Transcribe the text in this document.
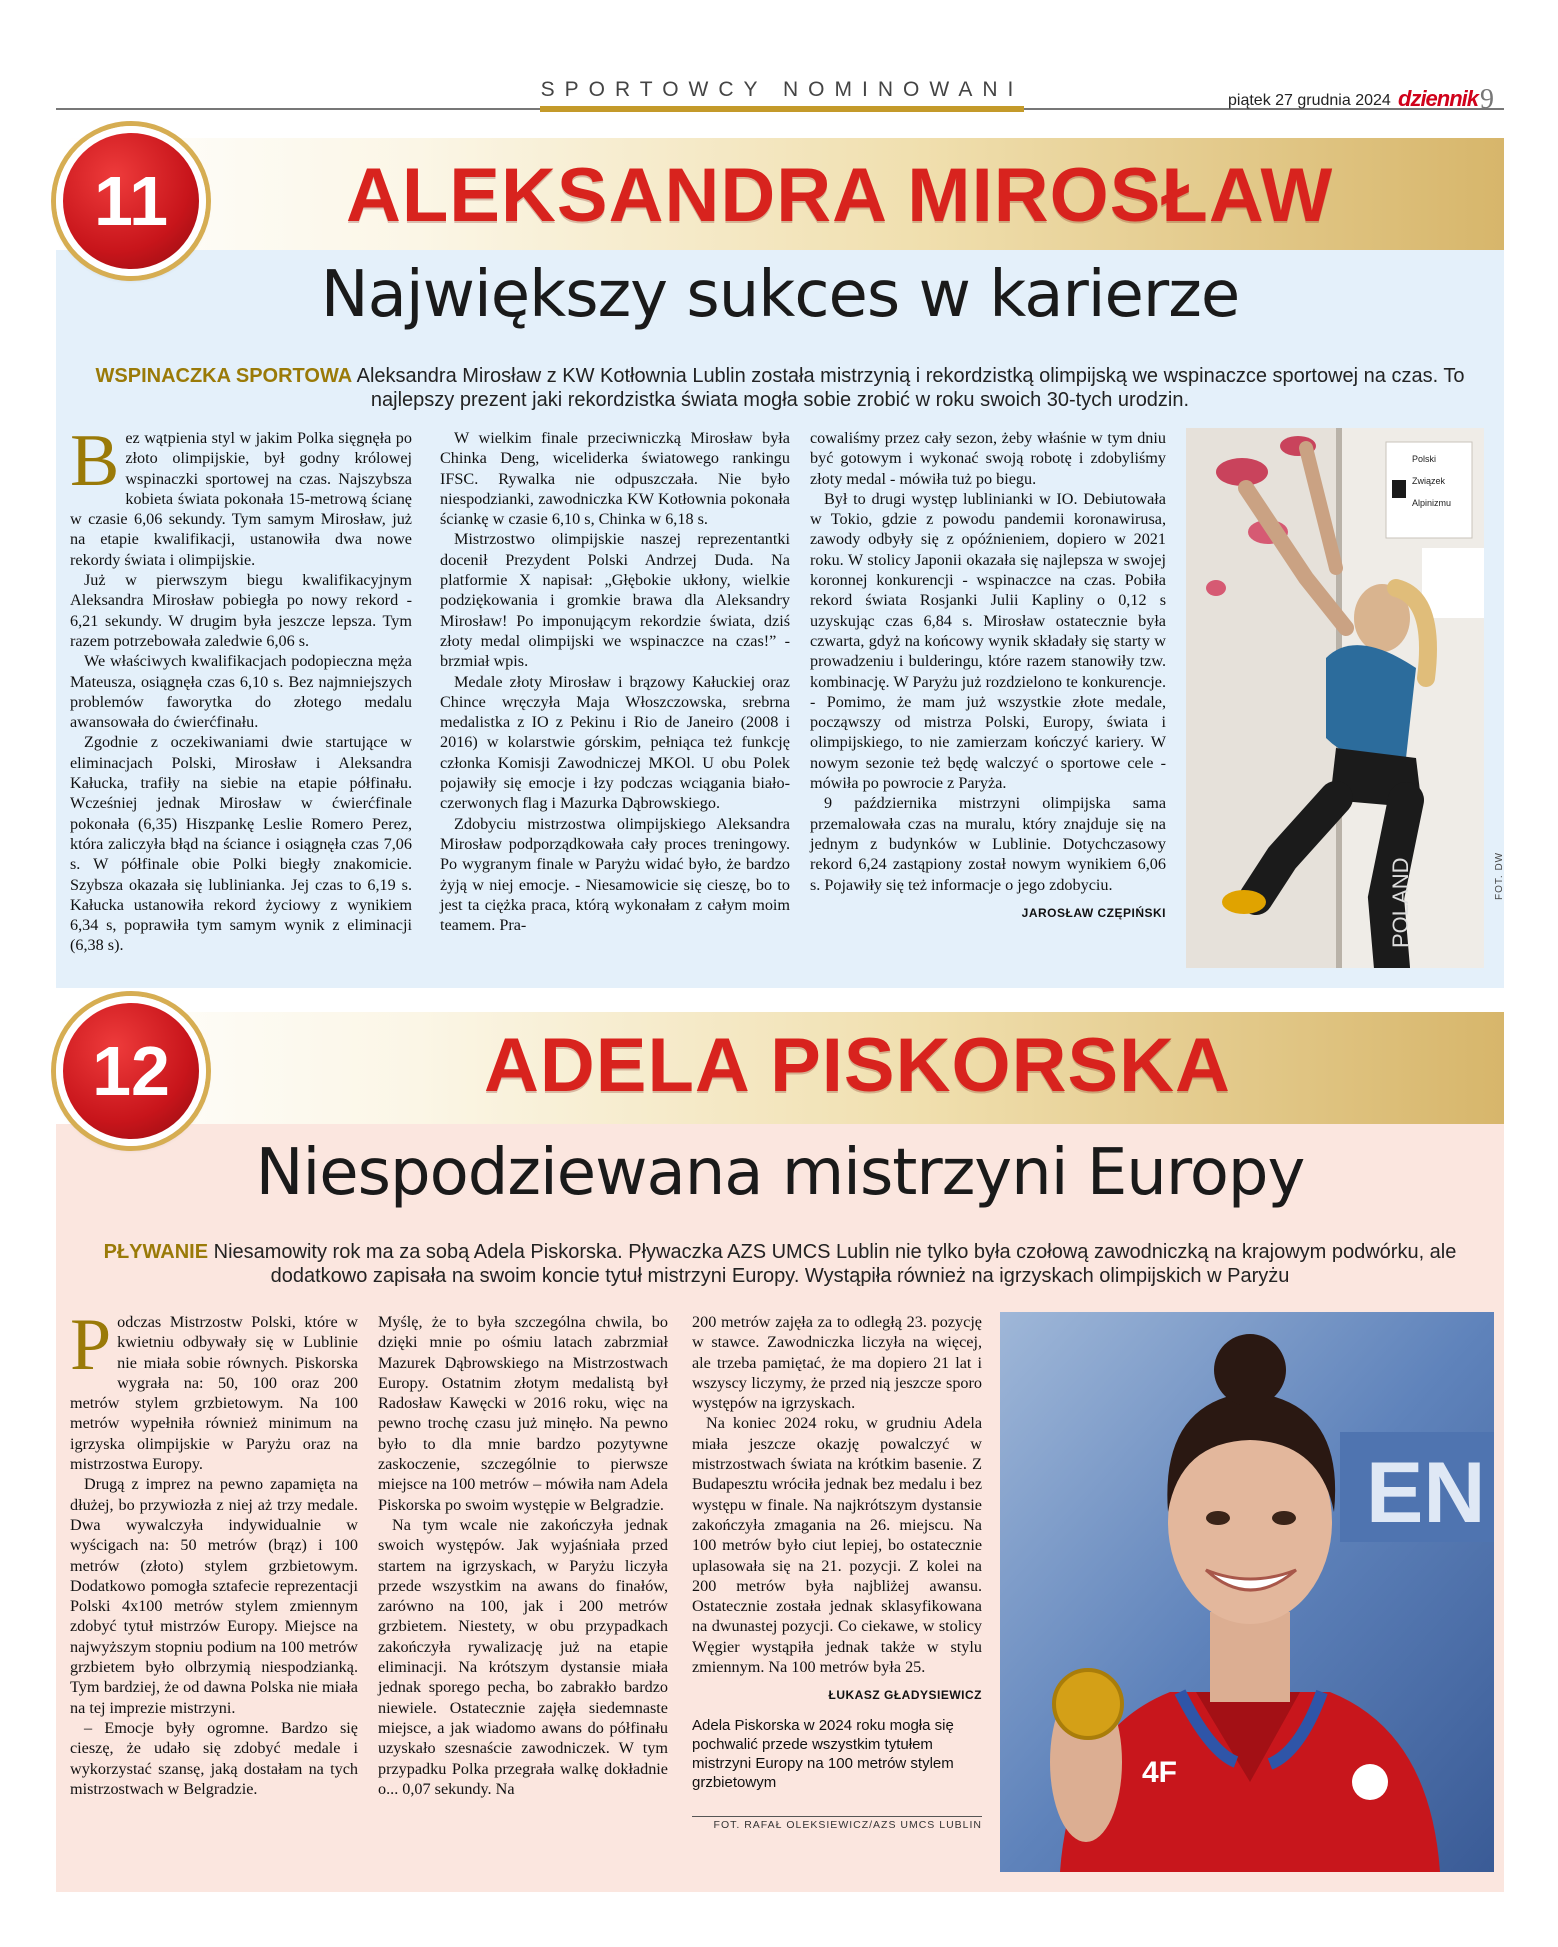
SPORTOWCY NOMINOWANI	piątek 27 grudnia 2024 dziennik 9
11	ALEKSANDRA MIROSŁAW
Największy sukces w karierze
WSPINACZKA SPORTOWA Aleksandra Mirosław z KW Kotłownia Lublin została mistrzynią i rekordzistką olimpijską we wspinaczce sportowej na czas. To najlepszy prezent jaki rekordzistka świata mogła sobie zrobić w roku swoich 30-tych urodzin.

Bez wątpienia styl w jakim Polka sięgnęła po złoto olimpijskie, był godny królowej wspinaczki sportowej na czas. Najszybsza kobieta świata pokonała 15-metrową ścianę w czasie 6,06 sekundy. Tym samym Mirosław, już na etapie kwalifikacji, ustanowiła dwa nowe rekordy świata i olimpijskie.

Już w pierwszym biegu kwalifikacyjnym Aleksandra Mirosław pobiegła po nowy rekord - 6,21 sekundy. W drugim była jeszcze lepsza. Tym razem potrzebowała zaledwie 6,06 s.

We właściwych kwalifikacjach podopieczna męża Mateusza, osiągnęła czas 6,10 s. Bez najmniejszych problemów faworytka do złotego medalu awansowała do ćwierćfinału.

Zgodnie z oczekiwaniami dwie startujące w eliminacjach Polski, Mirosław i Aleksandra Kałucka, trafiły na siebie na etapie półfinału. Wcześniej jednak Mirosław w ćwierćfinale pokonała (6,35) Hiszpankę Leslie Romero Perez, która zaliczyła błąd na ściance i osiągnęła czas 7,06 s. W półfinale obie Polki biegły znakomicie. Szybsza okazała się lublinianka. Jej czas to 6,19 s. Kałucka ustanowiła rekord życiowy z wynikiem 6,34 s, poprawiła tym samym wynik z eliminacji (6,38 s).

W wielkim finale przeciwniczką Mirosław była Chinka Deng, wiceliderka światowego rankingu IFSC. Rywalka nie odpuszczała. Nie było niespodzianki, zawodniczka KW Kotłownia pokonała ściankę w czasie 6,10 s, Chinka w 6,18 s.

Mistrzostwo olimpijskie naszej reprezentantki docenił Prezydent Polski Andrzej Duda. Na platformie X napisał: „Głębokie ukłony, wielkie podziękowania i gromkie brawa dla Aleksandry Mirosław! Po imponującym rekordzie świata, dziś złoty medal olimpijski we wspinaczce na czas!” - brzmiał wpis.

Medale złoty Mirosław i brązowy Kałuckiej oraz Chince wręczyła Maja Włoszczowska, srebrna medalistka z IO z Pekinu i Rio de Janeiro (2008 i 2016) w kolarstwie górskim, pełniąca też funkcję członka Komisji Zawodniczej MKOl. U obu Polek pojawiły się emocje i łzy podczas wciągania biało-czerwonych flag i Mazurka Dąbrowskiego.

Zdobyciu mistrzostwa olimpijskiego Aleksandra Mirosław podporządkowała cały proces treningowy. Po wygranym finale w Paryżu widać było, że bardzo żyją w niej emocje. - Niesamowicie się cieszę, bo to jest ta ciężka praca, którą wykonałam z całym moim teamem. Pra-

cowaliśmy przez cały sezon, żeby właśnie w tym dniu być gotowym i wykonać swoją robotę i zdobyliśmy złoty medal - mówiła tuż po biegu.

Był to drugi występ lublinianki w IO. Debiutowała w Tokio, gdzie z powodu pandemii koronawirusa, zawody odbyły się z opóźnieniem, dopiero w 2021 roku. W stolicy Japonii okazała się najlepsza w swojej koronnej konkurencji - wspinaczce na czas. Pobiła rekord świata Rosjanki Julii Kapliny o 0,12 s uzyskując czas 6,84 s. Mirosław ostatecznie była czwarta, gdyż na końcowy wynik składały się starty w prowadzeniu i bulderingu, które razem stanowiły tzw. kombinację. W Paryżu już rozdzielono te konkurencje. - Pomimo, że mam już wszystkie złote medale, począwszy od mistrza Polski, Europy, świata i olimpijskiego, to nie zamierzam kończyć kariery. W nowym sezonie też będę walczyć o sportowe cele - mówiła po powrocie z Paryża.

9 października mistrzyni olimpijska sama przemalowała czas na muralu, który znajduje się na jednym z budynków w Lublinie. Dotychczasowy rekord 6,24 zastąpiony został nowym wynikiem 6,06 s. Pojawiły się też informacje o jego zdobyciu.

JAROSŁAW CZĘPIŃSKI
Polski
Związek
Alpinizmu
POLAND	FOT. DW
12	ADELA PISKORSKA
Niespodziewana mistrzyni Europy
PŁYWANIE Niesamowity rok ma za sobą Adela Piskorska. Pływaczka AZS UMCS Lublin nie tylko była czołową zawodniczką na krajowym podwórku, ale dodatkowo zapisała na swoim koncie tytuł mistrzyni Europy. Wystąpiła również na igrzyskach olimpijskich w Paryżu

Podczas Mistrzostw Polski, które w kwietniu odbywały się w Lublinie nie miała sobie równych. Piskorska wygrała na: 50, 100 oraz 200 metrów stylem grzbietowym. Na 100 metrów wypełniła również minimum na igrzyska olimpijskie w Paryżu oraz na mistrzostwa Europy.

Drugą z imprez na pewno zapamięta na dłużej, bo przywiozła z niej aż trzy medale. Dwa wywalczyła indywidualnie w wyścigach na: 50 metrów (brąz) i 100 metrów (złoto) stylem grzbietowym. Dodatkowo pomogła sztafecie reprezentacji Polski 4x100 metrów stylem zmiennym zdobyć tytuł mistrzów Europy. Miejsce na najwyższym stopniu podium na 100 metrów grzbietem było olbrzymią niespodzianką. Tym bardziej, że od dawna Polska nie miała na tej imprezie mistrzyni.

– Emocje były ogromne. Bardzo się cieszę, że udało się zdobyć medale i wykorzystać szansę, jaką dostałam na tych mistrzostwach w Belgradzie.

Myślę, że to była szczególna chwila, bo dzięki mnie po ośmiu latach zabrzmiał Mazurek Dąbrowskiego na Mistrzostwach Europy. Ostatnim złotym medalistą był Radosław Kawęcki w 2016 roku, więc na pewno trochę czasu już minęło. Na pewno było to dla mnie bardzo pozytywne zaskoczenie, szczególnie to pierwsze miejsce na 100 metrów – mówiła nam Adela Piskorska po swoim występie w Belgradzie.

Na tym wcale nie zakończyła jednak swoich występów. Jak wyjaśniała przed startem na igrzyskach, w Paryżu liczyła przede wszystkim na awans do finałów, zarówno na 100, jak i 200 metrów grzbietem. Niestety, w obu przypadkach zakończyła rywalizację już na etapie eliminacji. Na krótszym dystansie miała jednak sporego pecha, bo zabrakło bardzo niewiele. Ostatecznie zajęła siedemnaste miejsce, a jak wiadomo awans do półfinału uzyskało szesnaście zawodniczek. W tym przypadku Polka przegrała walkę dokładnie o... 0,07 sekundy. Na

200 metrów zajęła za to odległą 23. pozycję w stawce. Zawodniczka liczyła na więcej, ale trzeba pamiętać, że ma dopiero 21 lat i wszyscy liczymy, że przed nią jeszcze sporo występów na igrzyskach.

Na koniec 2024 roku, w grudniu Adela miała jeszcze okazję powalczyć w mistrzostwach świata na krótkim basenie. Z Budapesztu wróciła jednak bez medalu i bez występu w finale. Na najkrótszym dystansie zakończyła zmagania na 26. miejscu. Na 100 metrów było ciut lepiej, bo ostatecznie uplasowała się na 21. pozycji. Z kolei na 200 metrów była najbliżej awansu. Ostatecznie została jednak sklasyfikowana na dwunastej pozycji. Co ciekawe, w stolicy Węgier wystąpiła jednak także w stylu zmiennym. Na 100 metrów była 25.

ŁUKASZ GŁADYSIEWICZ
Adela Piskorska w 2024 roku mogła się pochwalić przede wszystkim tytułem mistrzyni Europy na 100 metrów stylem grzbietowym
FOT. RAFAŁ OLEKSIEWICZ/AZS UMCS LUBLIN
EN
4F
